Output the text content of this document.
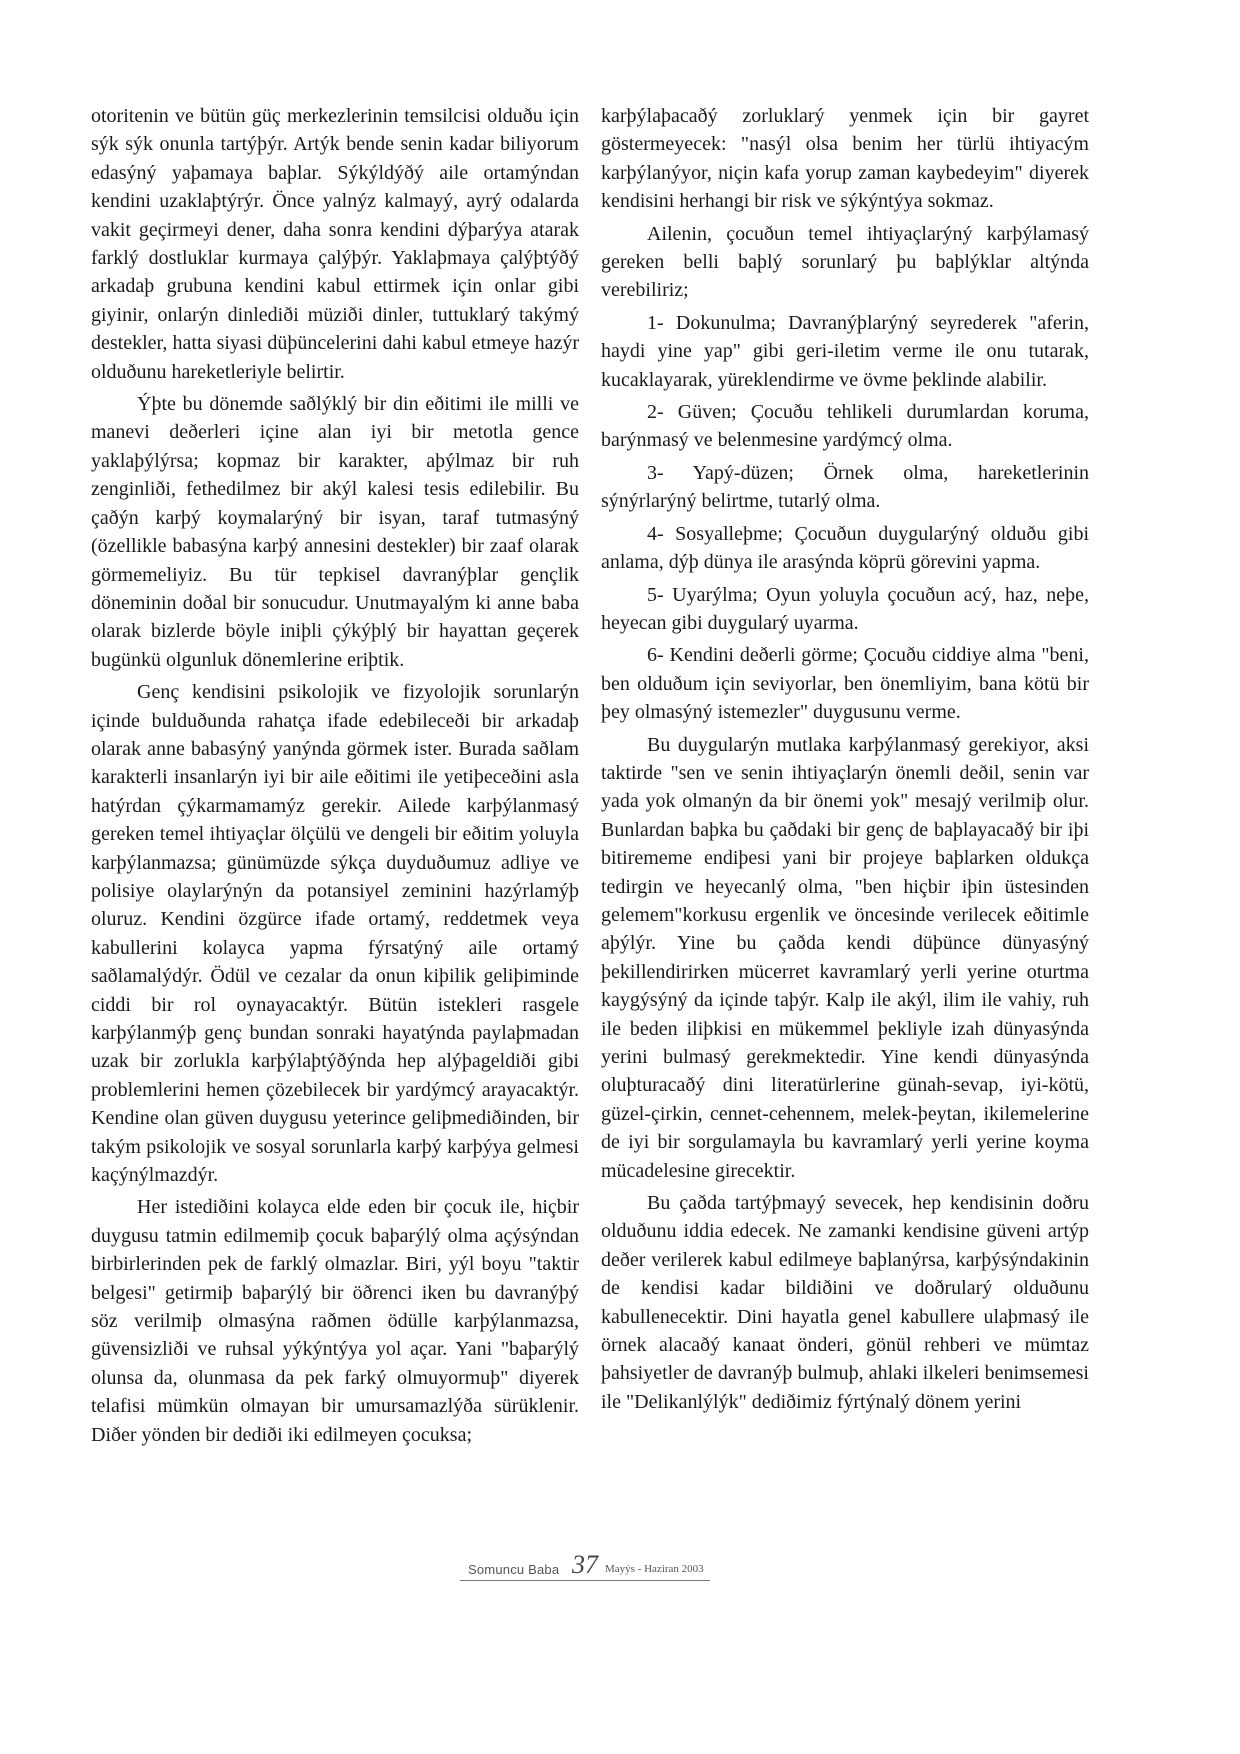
otoritenin ve bütün güç merkezlerinin temsilcisi olduðu için sýk sýk onunla tartýþýr. Artýk bende senin kadar biliyorum edasýný yaþamaya baþlar. Sýkýldýðý aile ortamýndan kendini uzaklaþtýrýr. Önce yalnýz kalmayý, ayrý odalarda vakit geçirmeyi dener, daha sonra kendini dýþarýya atarak farklý dostluklar kurmaya çalýþýr. Yaklaþmaya çalýþtýðý arkadaþ grubuna kendini kabul ettirmek için onlar gibi giyinir, onlarýn dinlediði müziði dinler, tuttuklarý takýmý destekler, hatta siyasi düþüncelerini dahi kabul etmeye hazýr olduðunu hareketleriyle belirtir.

Ýþte bu dönemde saðlýklý bir din eðitimi ile milli ve manevi deðerleri içine alan iyi bir metotla gence yaklaþýlýrsa; kopmaz bir karakter, aþýlmaz bir ruh zenginliði, fethedilmez bir akýl kalesi tesis edilebilir. Bu çaðýn karþý koymalarýný bir isyan, taraf tutmasýný (özellikle babasýna karþý annesini destekler) bir zaaf olarak görmemeliyiz. Bu tür tepkisel davranýþlar gençlik döneminin doðal bir sonucudur. Unutmayalým ki anne baba olarak bizlerde böyle iniþli çýkýþlý bir hayattan geçerek bugünkü olgunluk dönemlerine eriþtik.

Genç kendisini psikolojik ve fizyolojik sorunlarýn içinde bulduðunda rahatça ifade edebileceði bir arkadaþ olarak anne babasýný yanýnda görmek ister. Burada saðlam karakterli insanlarýn iyi bir aile eðitimi ile yetiþeceðini asla hatýrdan çýkarmamamýz gerekir. Ailede karþýlanmasý gereken temel ihtiyaçlar ölçülü ve dengeli bir eðitim yoluyla karþýlanmazsa; günümüzde sýkça duyduðumuz adliye ve polisiye olaylarýnýn da potansiyel zeminini hazýrlamýþ oluruz. Kendini özgürce ifade ortamý, reddetmek veya kabullerini kolayca yapma fýrsatýný aile ortamý saðlamalýdýr. Ödül ve cezalar da onun kiþilik geliþiminde ciddi bir rol oynayacaktýr. Bütün istekleri rasgele karþýlanmýþ genç bundan sonraki hayatýnda paylaþmadan uzak bir zorlukla karþýlaþtýðýnda hep alýþageldiði gibi problemlerini hemen çözebilecek bir yardýmcý arayacaktýr. Kendine olan güven duygusu yeterince geliþmediðinden, bir takým psikolojik ve sosyal sorunlarla karþý karþýya gelmesi kaçýnýlmazdýr.

Her istediðini kolayca elde eden bir çocuk ile, hiçbir duygusu tatmin edilmemiþ çocuk baþarýlý olma açýsýndan birbirlerinden pek de farklý olmazlar. Biri, yýl boyu "taktir belgesi" getirmiþ baþarýlý bir öðrenci iken bu davranýþý söz verilmiþ olmasýna raðmen ödülle karþýlanmazsa, güvensizliði ve ruhsal yýkýntýya yol açar. Yani "baþarýlý olunsa da, olunmasa da pek farký olmuyormuþ" diyerek telafisi mümkün olmayan bir umursamazlýða sürüklenir. Diðer yönden bir dediði iki edilmeyen çocuksa;

karþýlaþacaðý zorluklarý yenmek için bir gayret göstermeyecek: "nasýl olsa benim her türlü ihtiyacým karþýlanýyor, niçin kafa yorup zaman kaybedeyim" diyerek kendisini herhangi bir risk ve sýkýntýya sokmaz.

Ailenin, çocuðun temel ihtiyaçlarýný karþýlamasý gereken belli baþlý sorunlarý þu baþlýklar altýnda verebiliriz;

1- Dokunulma; Davranýþlarýný seyrederek "aferin, haydi yine yap" gibi geri-iletim verme ile onu tutarak, kucaklayarak, yüreklendirme ve övme þeklinde alabilir.

2- Güven; Çocuðu tehlikeli durumlardan koruma, barýnmasý ve belenmesine yardýmcý olma.

3- Yapý-düzen; Örnek olma, hareketlerinin sýnýrlarýný belirtme, tutarlý olma.

4- Sosyalleþme; Çocuðun duygularýný olduðu gibi anlama, dýþ dünya ile arasýnda köprü görevini yapma.

5- Uyarýlma; Oyun yoluyla çocuðun acý, haz, neþe, heyecan gibi duygularý uyarma.

6- Kendini deðerli görme; Çocuðu ciddiye alma "beni, ben olduðum için seviyorlar, ben önemliyim, bana kötü bir þey olmasýný istemezler" duygusunu verme.

Bu duygularýn mutlaka karþýlanmasý gerekiyor, aksi taktirde "sen ve senin ihtiyaçlarýn önemli deðil, senin var yada yok olmanýn da bir önemi yok" mesajý verilmiþ olur. Bunlardan baþka bu çaðdaki bir genç de baþlayacaðý bir iþi bitirememe endiþesi yani bir projeye baþlarken oldukça tedirgin ve heyecanlý olma, "ben hiçbir iþin üstesinden gelemem"korkusu ergenlik ve öncesinde verilecek eðitimle aþýlýr. Yine bu çaðda kendi düþünce dünyasýný þekillendirirken mücerret kavramlarý yerli yerine oturtma kaygýsýný da içinde taþýr. Kalp ile akýl, ilim ile vahiy, ruh ile beden iliþkisi en mükemmel þekliyle izah dünyasýnda yerini bulmasý gerekmektedir. Yine kendi dünyasýnda oluþturacaðý dini literatürlerine günah-sevap, iyi-kötü, güzel-çirkin, cennet-cehennem, melek-þeytan, ikilemelerine de iyi bir sorgulamayla bu kavramlarý yerli yerine koyma mücadelesine girecektir.

Bu çaðda tartýþmayý sevecek, hep kendisinin doðru olduðunu iddia edecek. Ne zamanki kendisine güveni artýp deðer verilerek kabul edilmeye baþlanýrsa, karþýsýndakinin de kendisi kadar bildiðini ve doðrularý olduðunu kabullenecektir. Dini hayatla genel kabullere ulaþmasý ile örnek alacaðý kanaat önderi, gönül rehberi ve mümtaz þahsiyetler de davranýþ bulmuþ, ahlaki ilkeleri benimsemesi ile "Delikanlýlýk" dediðimiz fýrtýnalý dönem yerini

Somuncu Baba 37 Mayýs - Haziran 2003
